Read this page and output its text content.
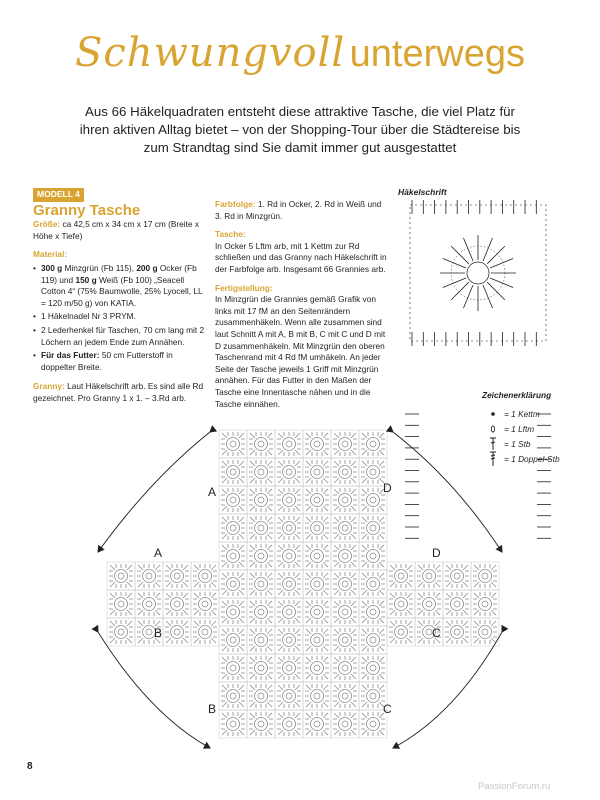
Schwungvoll unterwegs
Aus 66 Häkelquadraten entsteht diese attraktive Tasche, die viel Platz für ihren aktiven Alltag bietet – von der Shopping-Tour über die Städtereise bis zum Strandtag sind Sie damit immer gut ausgestattet
MODELL 4
Granny Tasche

Größe: ca 42,5 cm x 34 cm x 17 cm (Breite x Höhe x Tiefe)

Material:
• 300 g Minzgrün (Fb 115), 200 g Ocker (Fb 119) und 150 g Weiß (Fb 100) „Seacell Cotton 4“ (75% Baumwolle, 25% Lyocell, LL = 120 m/50 g) von KATIA.
• 1 Häkelnadel Nr 3 PRYM.
• 2 Lederhenkel für Taschen, 70 cm lang mit 2 Löchern an jedem Ende zum Annähen.
• Für das Futter: 50 cm Futterstoff in doppelter Breite.

Granny: Laut Häkelschrift arb. Es sind alle Rd gezeichnet. Pro Granny 1 x 1. – 3.Rd arb.

Farbfolge: 1. Rd in Ocker, 2. Rd in Weiß und 3. Rd in Minzgrün.

Tasche:

In Ocker 5 Lftm arb, mit 1 Kettm zur Rd schließen und das Granny nach Häkelschrift in der Farbfolge arb. Insgesamt 66 Grannies arb.

Fertigstellung:

In Minzgrün die Grannies gemäß Grafik von links mit 17 fM an den Seitenrändern zusammenhäkeln. Wenn alle zusammen sind laut Schnitt A mit A, B mit B, C mit C und D mit D zusammenhäkeln. Mit Minzgrün den oberen Taschenrand mit 4 Rd fM umhäkeln. An jeder Seite der Tasche jeweils 1 Griff mit Minzgrün annähen. Für das Futter in den Maßen der Tasche eine Innentasche nähen und in die Tasche einnähen.

Häkelschrift
A	D
A	D
B	C
B	C
Zeichenerklärung
= 1 Kettm
= 1 Lftm
= 1 Stb
= 1 Doppel-Stb
8
PassionForum.ru
